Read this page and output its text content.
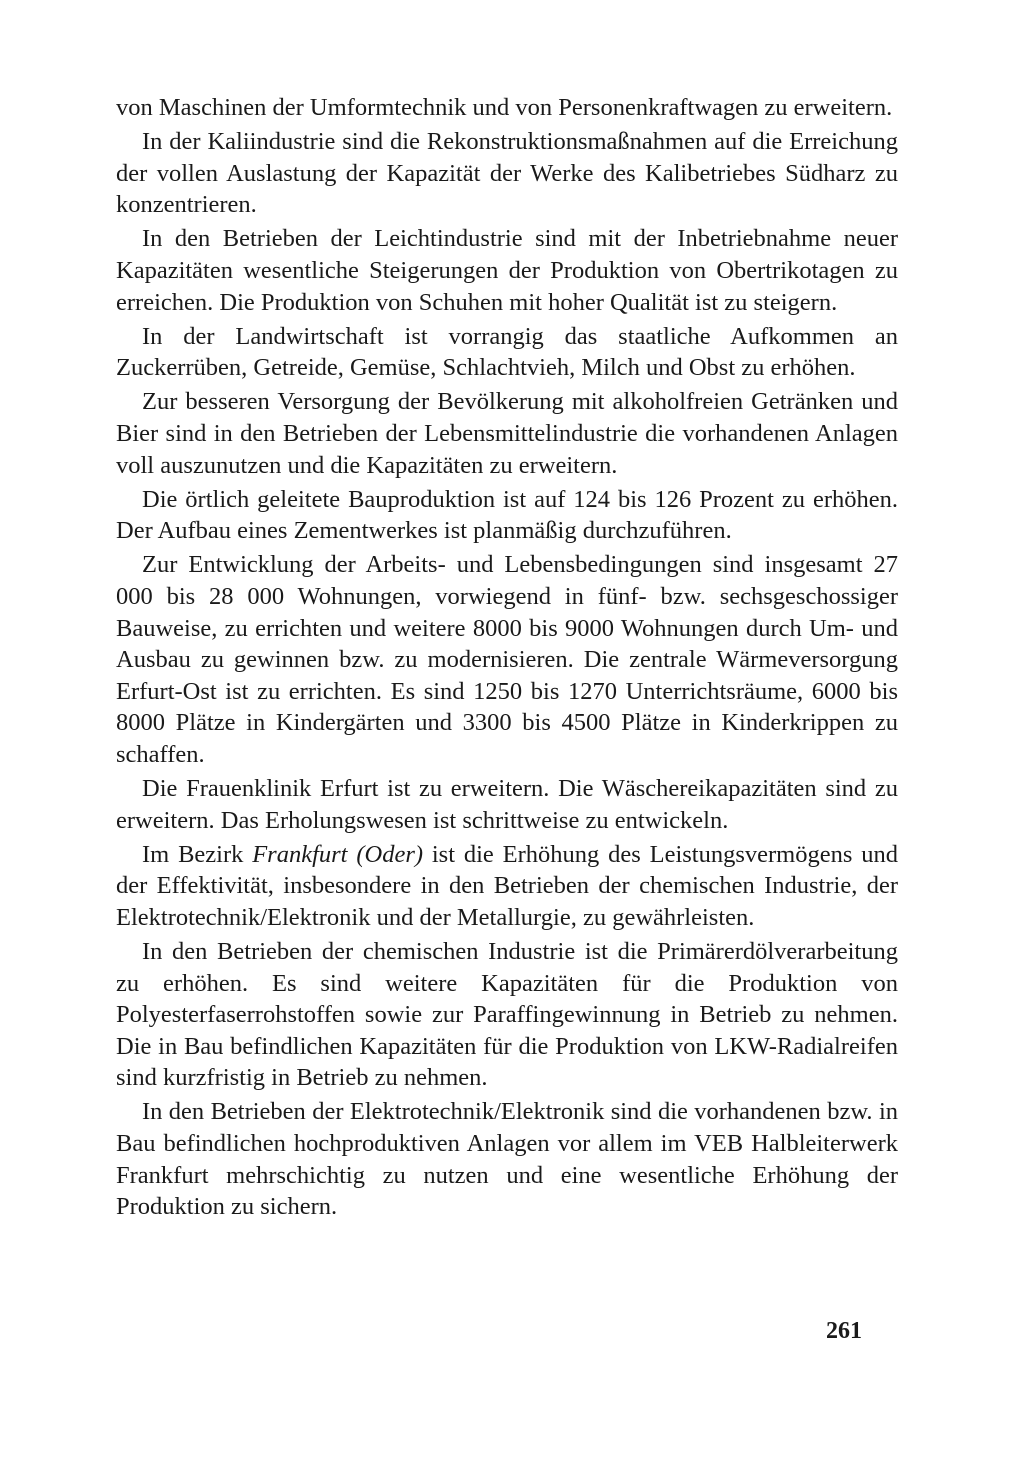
von Maschinen der Umformtechnik und von Personenkraftwagen zu erweitern.

In der Kaliindustrie sind die Rekonstruktionsmaßnahmen auf die Erreichung der vollen Auslastung der Kapazität der Werke des Kalibetriebes Südharz zu konzentrieren.

In den Betrieben der Leichtindustrie sind mit der Inbetriebnahme neuer Kapazitäten wesentliche Steigerungen der Produktion von Obertrikotagen zu erreichen. Die Produktion von Schuhen mit hoher Qualität ist zu steigern.

In der Landwirtschaft ist vorrangig das staatliche Aufkommen an Zuckerrüben, Getreide, Gemüse, Schlachtvieh, Milch und Obst zu erhöhen.

Zur besseren Versorgung der Bevölkerung mit alkoholfreien Getränken und Bier sind in den Betrieben der Lebensmittelindustrie die vorhandenen Anlagen voll auszunutzen und die Kapazitäten zu erweitern.

Die örtlich geleitete Bauproduktion ist auf 124 bis 126 Prozent zu erhöhen. Der Aufbau eines Zementwerkes ist planmäßig durchzuführen.

Zur Entwicklung der Arbeits- und Lebensbedingungen sind insgesamt 27 000 bis 28 000 Wohnungen, vorwiegend in fünf- bzw. sechsgeschossiger Bauweise, zu errichten und weitere 8000 bis 9000 Wohnungen durch Um- und Ausbau zu gewinnen bzw. zu modernisieren. Die zentrale Wärmeversorgung Erfurt-Ost ist zu errichten. Es sind 1250 bis 1270 Unterrichtsräume, 6000 bis 8000 Plätze in Kindergärten und 3300 bis 4500 Plätze in Kinderkrippen zu schaffen.

Die Frauenklinik Erfurt ist zu erweitern. Die Wäschereikapazitäten sind zu erweitern. Das Erholungswesen ist schrittweise zu entwickeln.

Im Bezirk Frankfurt (Oder) ist die Erhöhung des Leistungsvermögens und der Effektivität, insbesondere in den Betrieben der chemischen Industrie, der Elektrotechnik/Elektronik und der Metallurgie, zu gewährleisten.

In den Betrieben der chemischen Industrie ist die Primärerdölverarbeitung zu erhöhen. Es sind weitere Kapazitäten für die Produktion von Polyesterfaserrohstoffen sowie zur Paraffingewinnung in Betrieb zu nehmen. Die in Bau befindlichen Kapazitäten für die Produktion von LKW-Radialreifen sind kurzfristig in Betrieb zu nehmen.

In den Betrieben der Elektrotechnik/Elektronik sind die vorhandenen bzw. in Bau befindlichen hochproduktiven Anlagen vor allem im VEB Halbleiterwerk Frankfurt mehrschichtig zu nutzen und eine wesentliche Erhöhung der Produktion zu sichern.

261
